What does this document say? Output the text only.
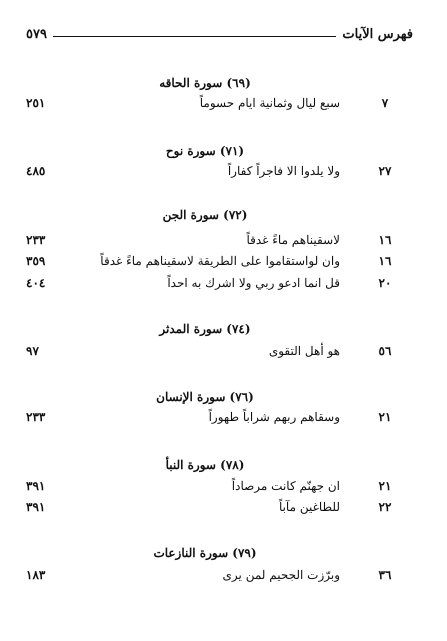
فهرس الآيات
٥٧٩
(٦٩) سورة الحاقه
٧
سبع ليال وثمانية ايام حسوماً
٢٥١
(٧١) سورة نوح
٢٧
ولا يلدوا الا فاجراً كفاراً
٤٨٥
(٧٢) سورة الجن
١٦
لاسقيناهم ماءً غدقاً
٢٣٣
١٦
وان لواستقاموا على الطريقة لاسقيناهم ماءً غدقاً
٣٥٩
٢٠
قل انما ادعو ربي ولا اشرك به احداً
٤٠٤
(٧٤) سورة المدثر
٥٦
هو أهل التقوى
٩٧
(٧٦) سورة الإنسان
٢١
وسقاهم ربهم شراباً طهوراً
٢٣٣
(٧٨) سورة النبأ
٢١
ان جهنّم كانت مرصاداً
٣٩١
٢٢
للطاغين مآباً
٣٩١
(٧٩) سورة النازعات
٣٦
وبرّزت الجحيم لمن يرى
١٨٣
